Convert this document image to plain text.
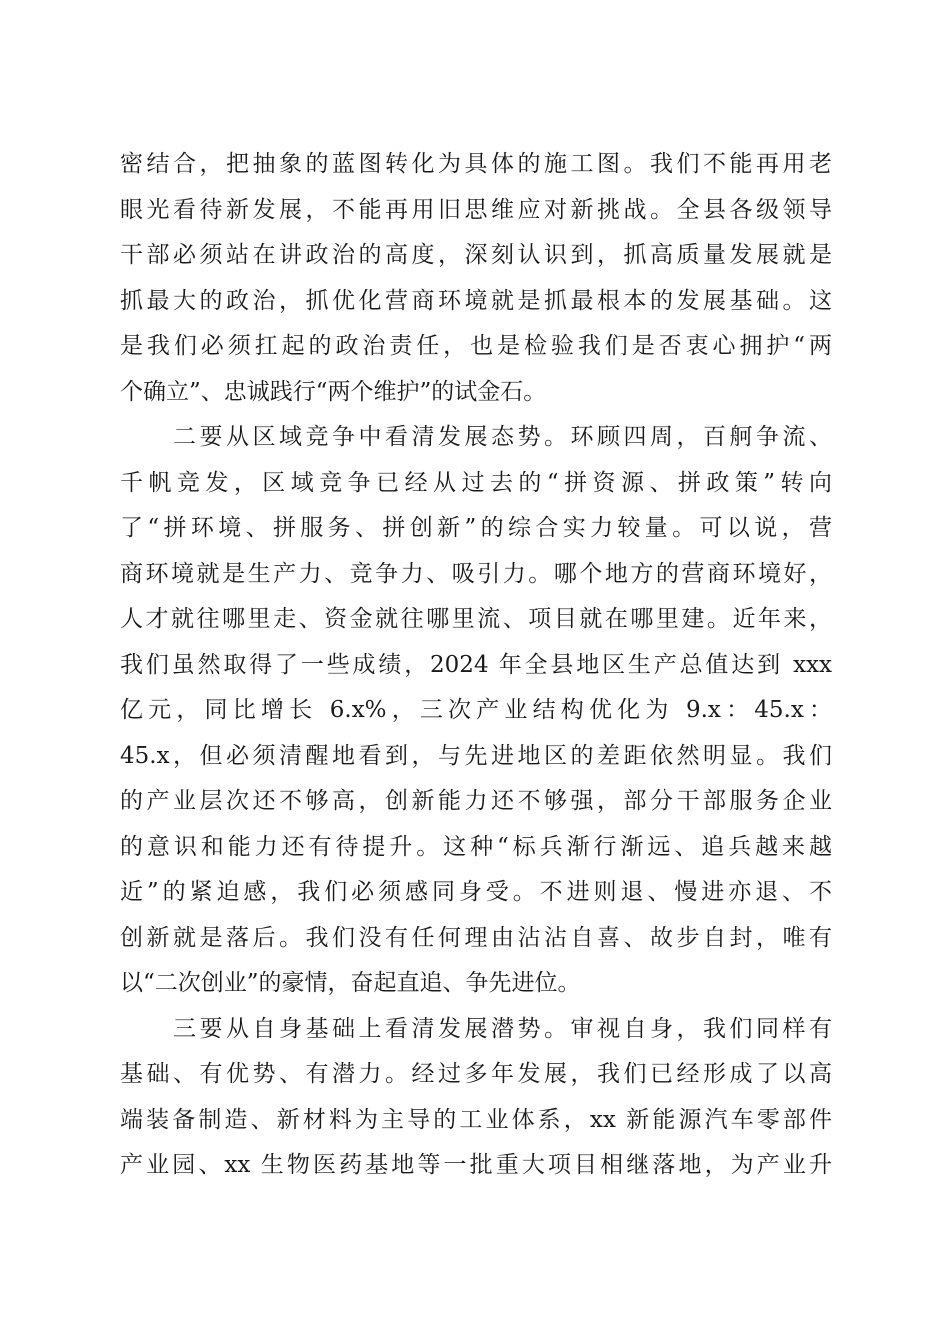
密结合，把抽象的蓝图转化为具体的施工图。我们不能再用老
眼光看待新发展，不能再用旧思维应对新挑战。全县各级领导
干部必须站在讲政治的高度，深刻认识到，抓高质量发展就是
抓最大的政治，抓优化营商环境就是抓最根本的发展基础。这
是我们必须扛起的政治责任，也是检验我们是否衷心拥护“两
个确立”、忠诚践行“两个维护”的试金石。
　　二要从区域竞争中看清发展态势。环顾四周，百舸争流、
千帆竞发，区域竞争已经从过去的“拼资源、拼政策”转向
了“拼环境、拼服务、拼创新”的综合实力较量。可以说，营
商环境就是生产力、竞争力、吸引力。哪个地方的营商环境好，
人才就往哪里走、资金就往哪里流、项目就在哪里建。近年来，
我们虽然取得了一些成绩，2024 年全县地区生产总值达到 xxx
亿元，同比增长 6.x%，三次产业结构优化为 9.x：45.x：
45.x，但必须清醒地看到，与先进地区的差距依然明显。我们
的产业层次还不够高，创新能力还不够强，部分干部服务企业
的意识和能力还有待提升。这种“标兵渐行渐远、追兵越来越
近”的紧迫感，我们必须感同身受。不进则退、慢进亦退、不
创新就是落后。我们没有任何理由沾沾自喜、故步自封，唯有
以“二次创业”的豪情，奋起直追、争先进位。
　　三要从自身基础上看清发展潜势。审视自身，我们同样有
基础、有优势、有潜力。经过多年发展，我们已经形成了以高
端装备制造、新材料为主导的工业体系，xx 新能源汽车零部件
产业园、xx 生物医药基地等一批重大项目相继落地，为产业升
